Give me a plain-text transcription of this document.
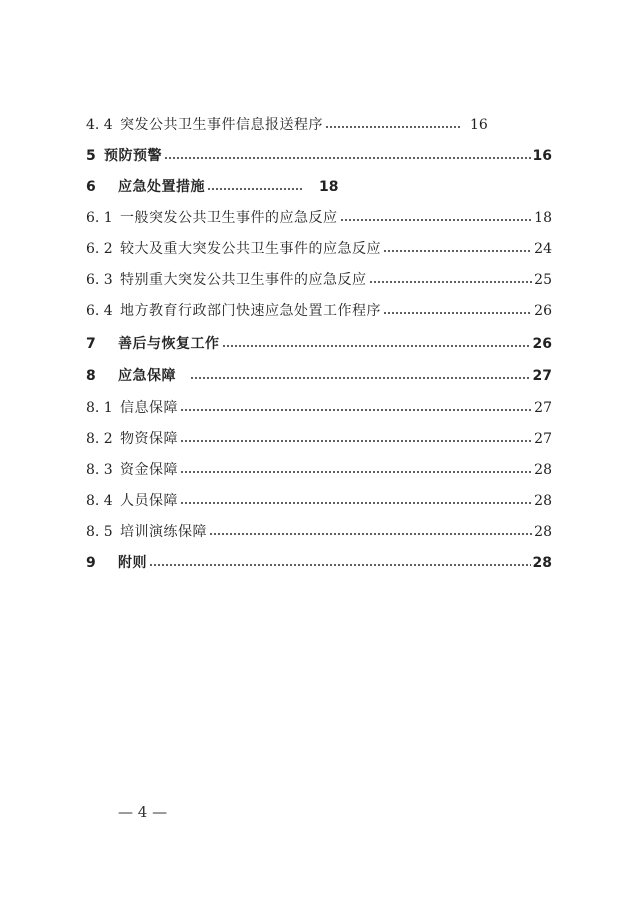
4. 4 突发公共卫生事件信息报送程序	16
5 预防预警	16
6	应急处置措施	18
6. 1 一般突发公共卫生事件的应急反应	18
6. 2 较大及重大突发公共卫生事件的应急反应	24
6. 3 特别重大突发公共卫生事件的应急反应	25
6. 4 地方教育行政部门快速应急处置工作程序	26
7	善后与恢复工作	26
8	应急保障	27
8. 1 信息保障	27
8. 2 物资保障	27
8. 3 资金保障	28
8. 4 人员保障	28
8. 5 培训演练保障	28
9	附则	28
— 4 —
